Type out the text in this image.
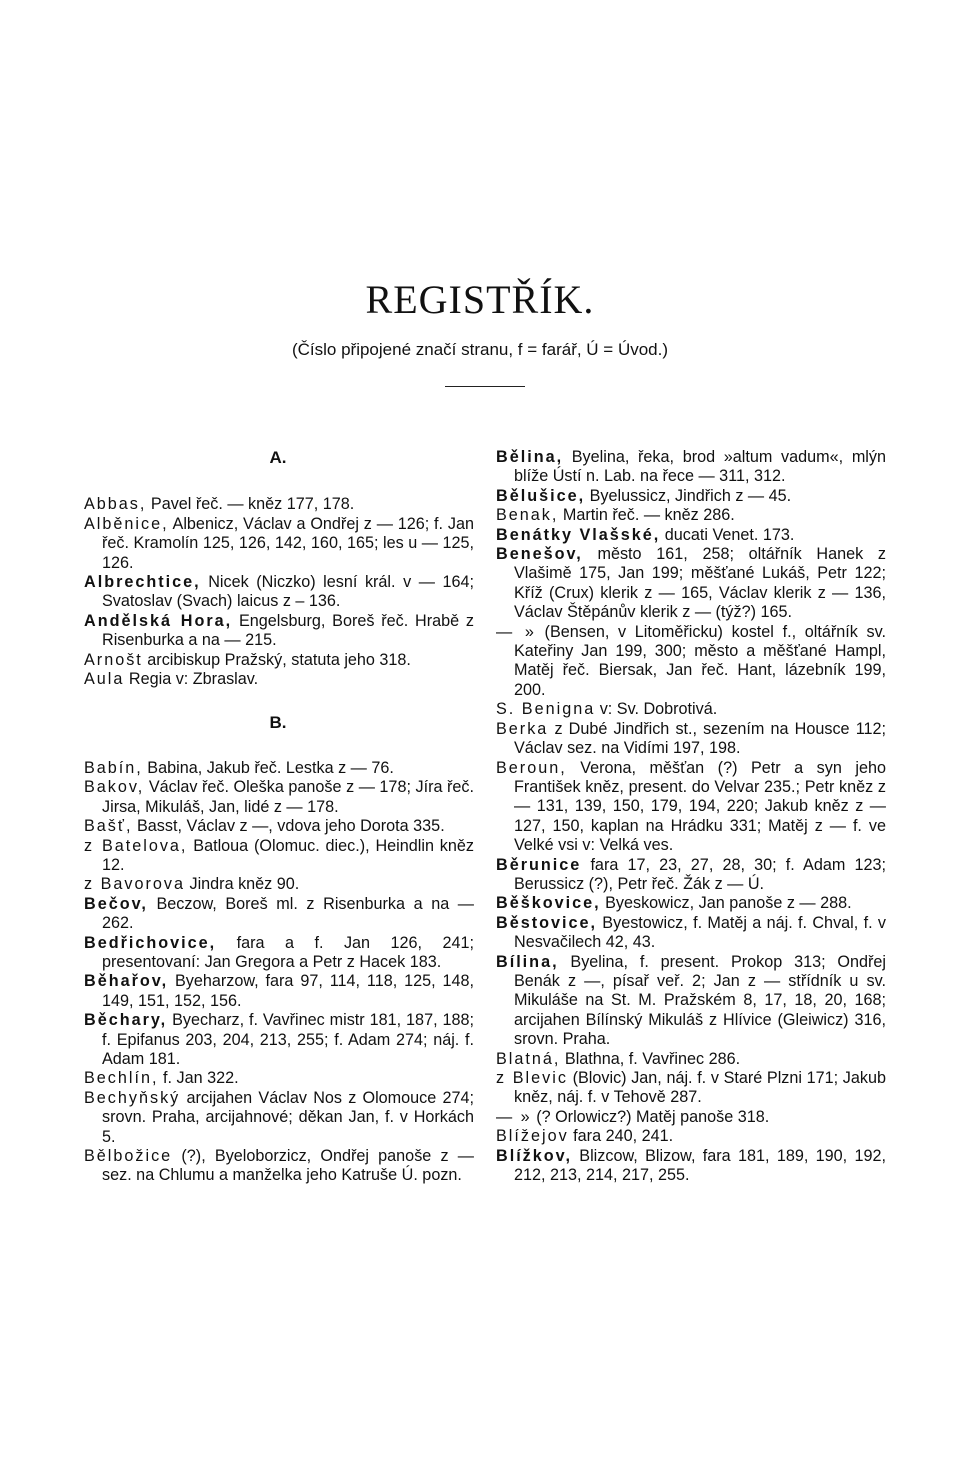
REGISTŘÍK.
(Číslo připojené značí stranu, f = farář, Ú = Úvod.)
A.

Abbas, Pavel řeč. — kněz 177, 178.

Alběnice, Albenicz, Václav a Ondřej z — 126; f. Jan řeč. Kramolín 125, 126, 142, 160, 165; les u — 125, 126.

Albrechtice, Nicek (Niczko) lesní král. v — 164; Svatoslav (Svach) laicus z – 136.

Andělská Hora, Engelsburg, Boreš řeč. Hrabě z Risenburka a na — 215.

Arnošt arcibiskup Pražský, statuta jeho 318.

Aula Regia v: Zbraslav.

B.

Babín, Babina, Jakub řeč. Lestka z — 76.

Bakov, Václav řeč. Oleška panoše z — 178; Jíra řeč. Jirsa, Mikuláš, Jan, lidé z — 178.

Bašť, Basst, Václav z —, vdova jeho Dorota 335.

z Batelova, Batloua (Olomuc. diec.), Heindlin kněz 12.

z Bavorova Jindra kněz 90.

Bečov, Beczow, Boreš ml. z Risenburka a na — 262.

Bedřichovice, fara a f. Jan 126, 241; presentovaní: Jan Gregora a Petr z Hacek 183.

Běhařov, Byeharzow, fara 97, 114, 118, 125, 148, 149, 151, 152, 156.

Běchary, Byecharz, f. Vavřinec mistr 181, 187, 188; f. Epifanus 203, 204, 213, 255; f. Adam 274; náj. f. Adam 181.

Bechlín, f. Jan 322.

Bechyňský arcijahen Václav Nos z Olomouce 274; srovn. Praha, arcijahnové; děkan Jan, f. v Horkách 5.

Bělbožice (?), Byeloborzicz, Ondřej panoše z — sez. na Chlumu a manželka jeho Katruše Ú. pozn.

Bělina, Byelina, řeka, brod »altum vadum«, mlýn blíže Ústí n. Lab. na řece — 311, 312.

Bělušice, Byelussicz, Jindřich z — 45.

Benak, Martin řeč. — kněz 286.

Benátky Vlašské, ducati Venet. 173.

Benešov, město 161, 258; oltářník Hanek z Vlašimě 175, Jan 199; měšťané Lukáš, Petr 122; Kříž (Crux) klerik z — 165, Václav klerik z — 136, Václav Štěpánův klerik z — (týž?) 165.

— » (Bensen, v Litoměřicku) kostel f., oltářník sv. Kateřiny Jan 199, 300; město a měšťané Hampl, Matěj řeč. Biersak, Jan řeč. Hant, lázebník 199, 200.

S. Benigna v: Sv. Dobrotivá.

Berka z Dubé Jindřich st., sezením na Housce 112; Václav sez. na Vidími 197, 198.

Beroun, Verona, měšťan (?) Petr a syn jeho František kněz, present. do Velvar 235.; Petr kněz z — 131, 139, 150, 179, 194, 220; Jakub kněz z — 127, 150, kaplan na Hrádku 331; Matěj z — f. ve Velké vsi v: Velká ves.

Běrunice fara 17, 23, 27, 28, 30; f. Adam 123; Berussicz (?), Petr řeč. Žák z — Ú.

Běškovice, Byeskowicz, Jan panoše z — 288.

Běstovice, Byestowicz, f. Matěj a náj. f. Chval, f. v Nesvačilech 42, 43.

Bílina, Byelina, f. present. Prokop 313; Ondřej Benák z —, písař veř. 2; Jan z — střídník u sv. Mikuláše na St. M. Pražském 8, 17, 18, 20, 168; arcijahen Bílínský Mikuláš z Hlívice (Gleiwicz) 316, srovn. Praha.

Blatná, Blathna, f. Vavřinec 286.

z Blevic (Blovic) Jan, náj. f. v Staré Plzni 171; Jakub kněz, náj. f. v Tehově 287.

— » (? Orlowicz?) Matěj panoše 318.

Blížejov fara 240, 241.

Blížkov, Blizcow, Blizow, fara 181, 189, 190, 192, 212, 213, 214, 217, 255.
